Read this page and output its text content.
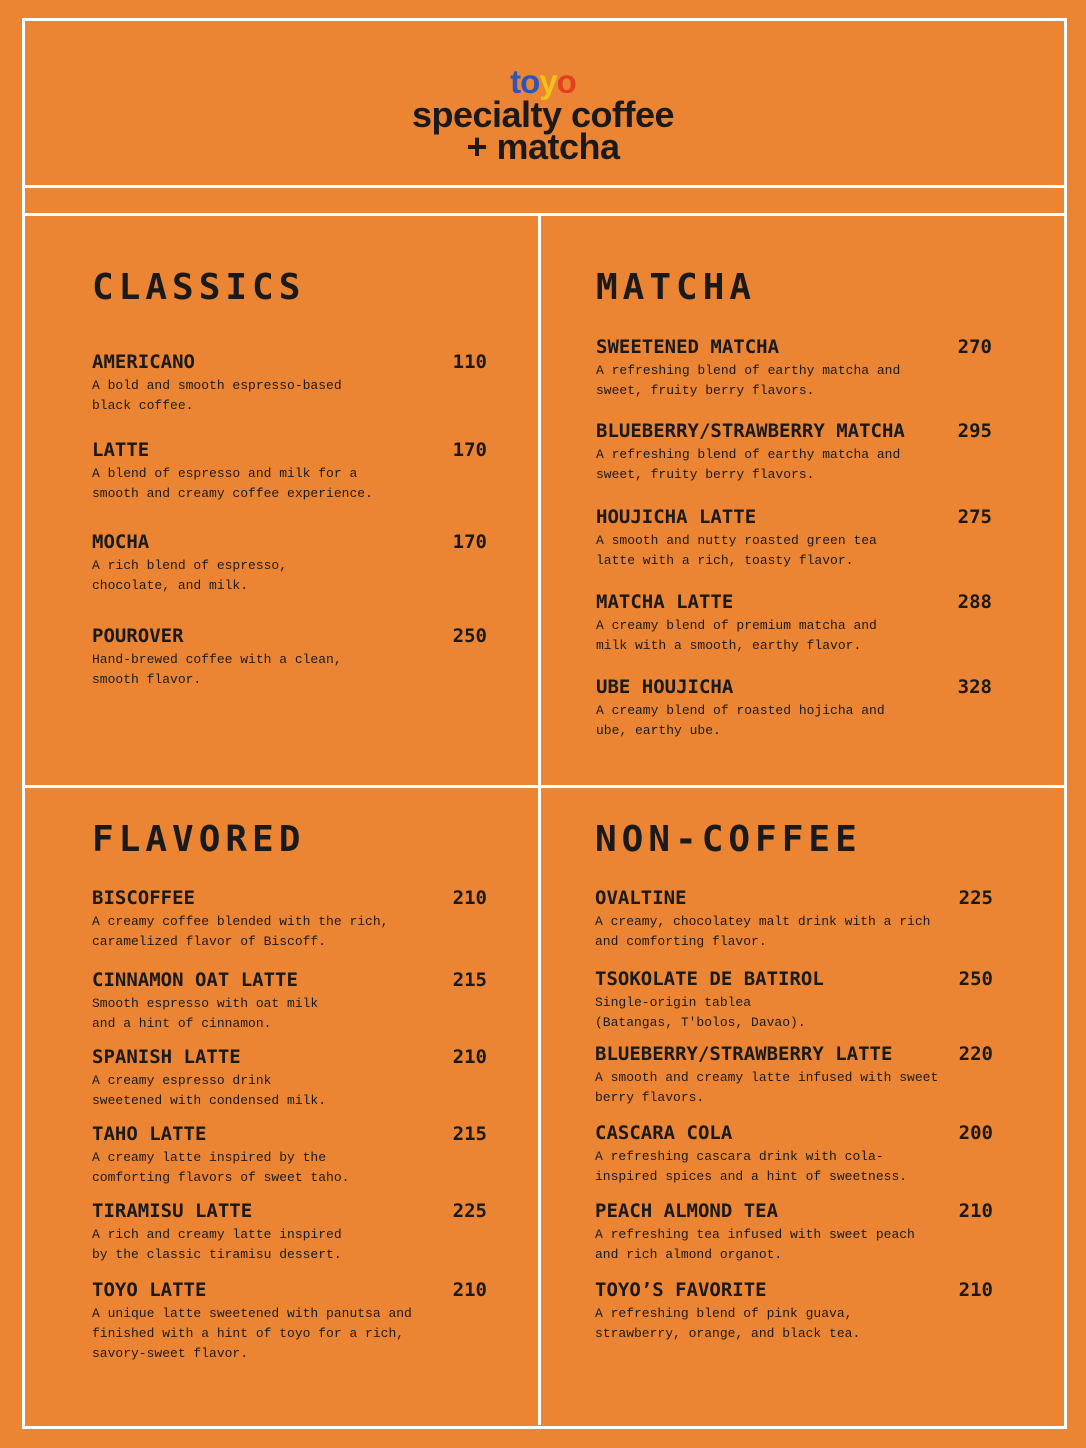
toyo
specialty coffee
+ matcha
CLASSICS
AMERICANO	110
A bold and smooth espresso-based
black coffee.
LATTE	170
A blend of espresso and milk for a
smooth and creamy coffee experience.
MOCHA	170
A rich blend of espresso,
chocolate, and milk.
POUROVER	250
Hand-brewed coffee with a clean,
smooth flavor.
MATCHA
SWEETENED MATCHA	270
A refreshing blend of earthy matcha and
sweet, fruity berry flavors.
BLUEBERRY/STRAWBERRY MATCHA	295
A refreshing blend of earthy matcha and
sweet, fruity berry flavors.
HOUJICHA LATTE	275
A smooth and nutty roasted green tea
latte with a rich, toasty flavor.
MATCHA LATTE	288
A creamy blend of premium matcha and
milk with a smooth, earthy flavor.
UBE HOUJICHA	328
A creamy blend of roasted hojicha and
ube, earthy ube.
FLAVORED
BISCOFFEE	210
A creamy coffee blended with the rich,
caramelized flavor of Biscoff.
CINNAMON OAT LATTE	215
Smooth espresso with oat milk
and a hint of cinnamon.
SPANISH LATTE	210
A creamy espresso drink
sweetened with condensed milk.
TAHO LATTE	215
A creamy latte inspired by the
comforting flavors of sweet taho.
TIRAMISU LATTE	225
A rich and creamy latte inspired
by the classic tiramisu dessert.
TOYO LATTE	210
A unique latte sweetened with panutsa and
finished with a hint of toyo for a rich,
savory-sweet flavor.
NON-COFFEE
OVALTINE	225
A creamy, chocolatey malt drink with a rich
and comforting flavor.
TSOKOLATE DE BATIROL	250
Single-origin tablea
(Batangas, T'bolos, Davao).
BLUEBERRY/STRAWBERRY LATTE	220
A smooth and creamy latte infused with sweet
berry flavors.
CASCARA COLA	200
A refreshing cascara drink with cola-
inspired spices and a hint of sweetness.
PEACH ALMOND TEA	210
A refreshing tea infused with sweet peach
and rich almond organot.
TOYO’S FAVORITE	210
A refreshing blend of pink guava,
strawberry, orange, and black tea.
